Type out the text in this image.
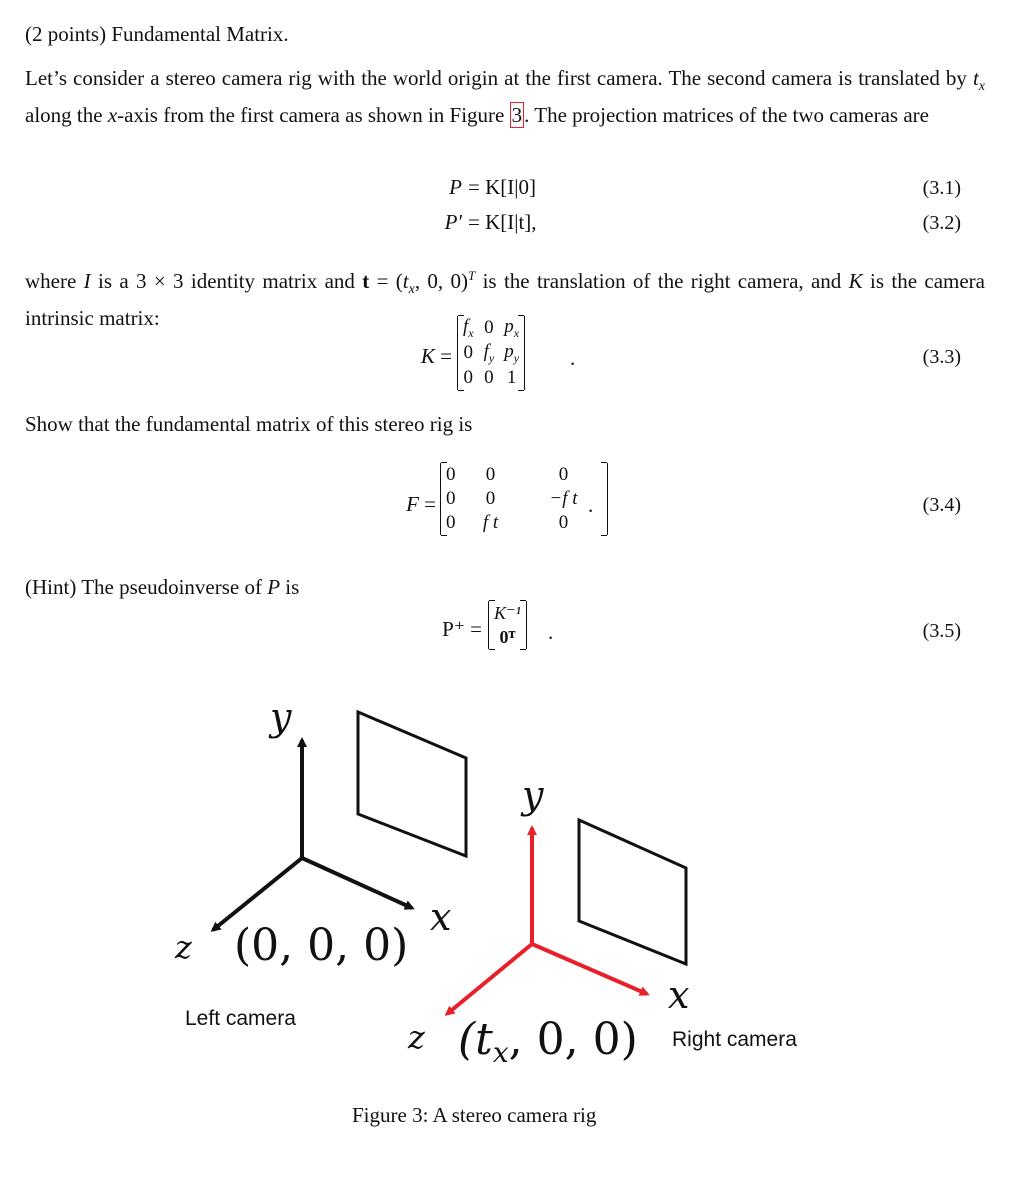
(2 points) Fundamental Matrix.
Let’s consider a stereo camera rig with the world origin at the first camera. The second camera is translated by $t_x$ along the x-axis from the first camera as shown in Figure 3. The projection matrices of the two cameras are
P = K[I|0]	(3.1)
P′ = K[I|t],	(3.2)
where I is a 3 × 3 identity matrix and $t = (t_x$, 0, 0)$^T$ is the translation of the right camera, and K is the camera intrinsic matrix:
K =
$f_x$	0	$p_x$
0	$f_y$	$p_y$
0	0	1
.	(3.3)
Show that the fundamental matrix of this stereo rig is
F =
0	0	0
0	0	−f t
0	f t	0
.	(3.4)
(Hint) The pseudoinverse of P is
P⁺ =
K⁻¹
0ᵀ .	(3.5)
y
x
z (0, 0, 0)
y
x
z (tx, 0, 0)
Left camera
Right camera
Figure 3: A stereo camera rig
